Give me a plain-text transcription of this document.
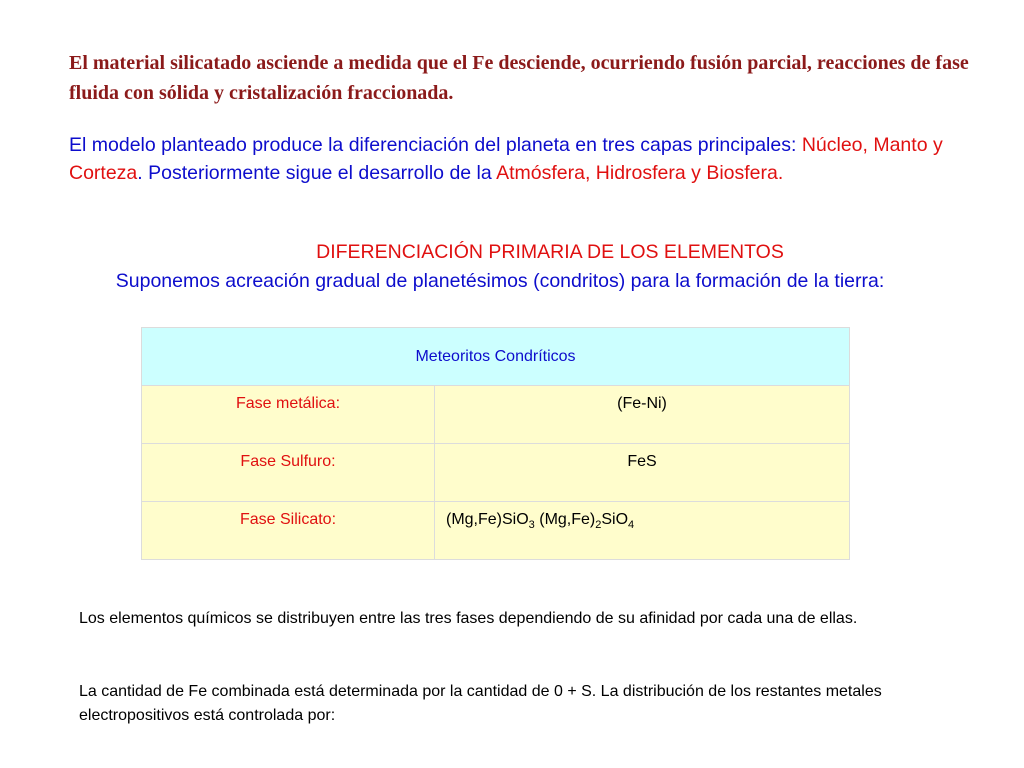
El material silicatado asciende a medida que el Fe desciende, ocurriendo fusión parcial, reacciones de fase fluida con sólida y cristalización fraccionada.

El modelo planteado produce la diferenciación del planeta en tres capas principales: Núcleo, Manto y Corteza. Posteriormente sigue el desarrollo de la Atmósfera, Hidrosfera y Biosfera.

DIFERENCIACIÓN PRIMARIA DE LOS ELEMENTOS

Suponemos acreación gradual de planetésimos (condritos) para la formación de la tierra:

Meteoritos Condríticos	
Fase metálica:	(Fe-Ni)
Fase Sulfuro:	FeS
Fase Silicato:	(Mg,Fe)SiO$_3$ $(Mg,Fe)_2SiO_4$

Los elementos químicos se distribuyen entre las tres fases dependiendo de su afinidad por cada una de ellas.

La cantidad de Fe combinada está determinada por la cantidad de 0 + S. La distribución de los restantes metales electropositivos está controlada por:
